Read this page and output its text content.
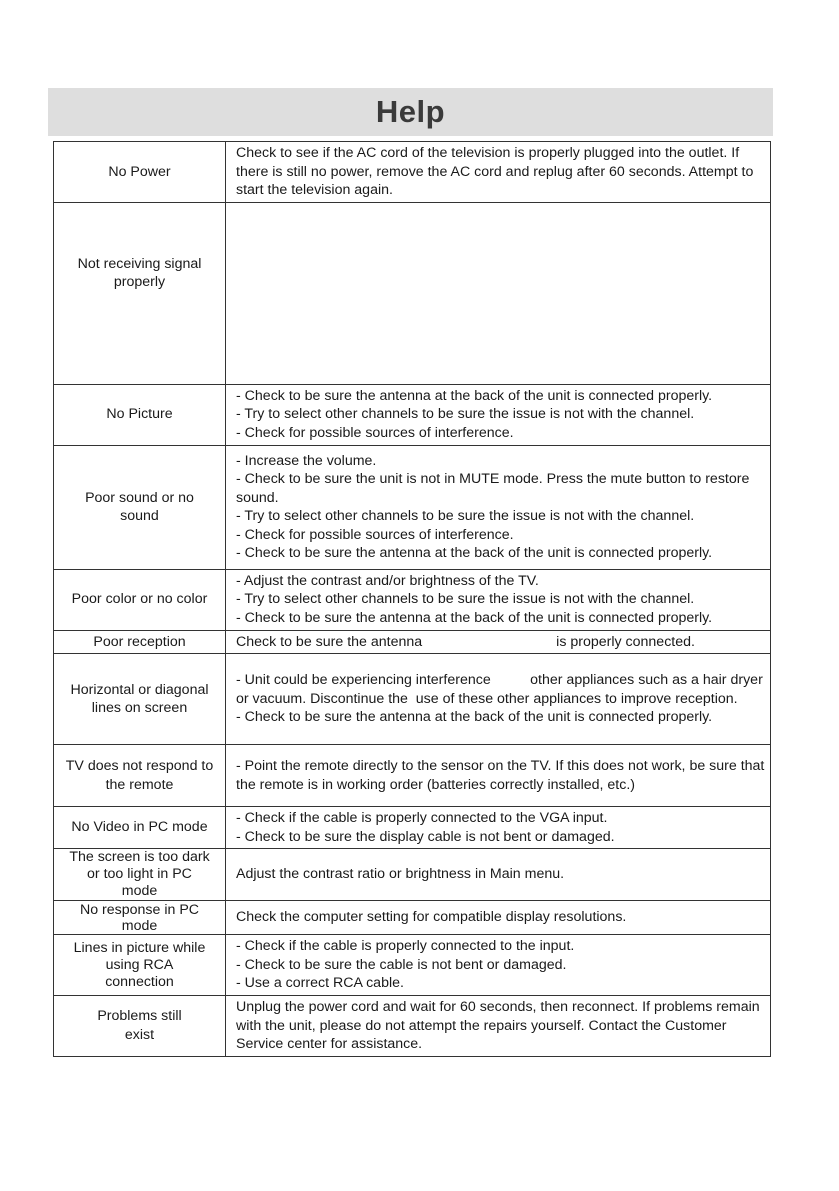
Help
No Power	Check to see if the AC cord of the television is properly plugged into the outlet. If there is still no power, remove the AC cord and replug after 60 seconds. Attempt to start the television again.

Not receiving signal properly	
No Picture	- Check to be sure the antenna at the back of the unit is connected properly.
- Try to select other channels to be sure the issue is not with the channel.
- Check for possible sources of interference.

Poor sound or no sound	- Increase the volume.
- Check to be sure the unit is not in MUTE mode. Press the mute button to restore sound.
- Try to select other channels to be sure the issue is not with the channel.
- Check for possible sources of interference.
- Check to be sure the antenna at the back of the unit is connected properly.

Poor color or no color	- Adjust the contrast and/or brightness of the TV.
- Try to select other channels to be sure the issue is not with the channel.
- Check to be sure the antenna at the back of the unit is connected properly.

Poor reception	Check to be sure the antenna                                  is properly connected.

Horizontal or diagonal lines on screen	- Unit could be experiencing interference          other appliances such as a hair dryer or vacuum. Discontinue the  use of these other appliances to improve reception.
- Check to be sure the antenna at the back of the unit is connected properly.

TV does not respond to the remote	- Point the remote directly to the sensor on the TV. If this does not work, be sure that the remote is in working order (batteries correctly installed, etc.)

No Video in PC mode	- Check if the cable is properly connected to the VGA input.
- Check to be sure the display cable is not bent or damaged.

The screen is too dark or too light in PC mode	Adjust the contrast ratio or brightness in Main menu.

No response in PC mode	Check the computer setting for compatible display resolutions.

Lines in picture while using RCA connection	- Check if the cable is properly connected to the input.
- Check to be sure the cable is not bent or damaged.
- Use a correct RCA cable.

Problems still exist	Unplug the power cord and wait for 60 seconds, then reconnect. If problems remain with the unit, please do not attempt the repairs yourself. Contact the Customer Service center for assistance.
